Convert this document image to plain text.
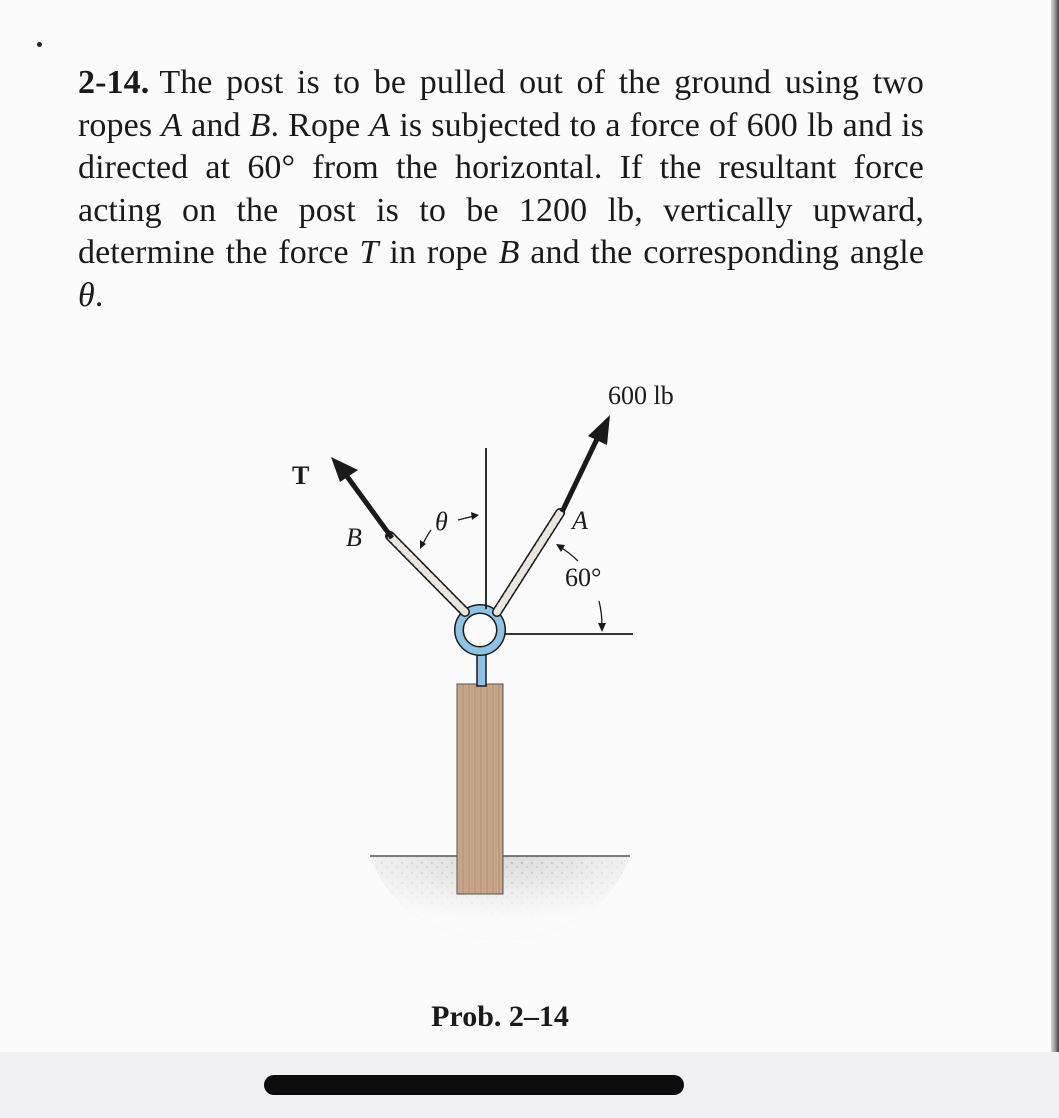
2-14. The post is to be pulled out of the ground using two ropes A and B. Rope A is subjected to a force of 600 lb and is directed at 60° from the horizontal. If the resultant force acting on the post is to be 1200 lb, vertically upward, determine the force T in rope B and the corresponding angle θ.

600 lb
T
A
B
θ
60°
Prob. 2–14
